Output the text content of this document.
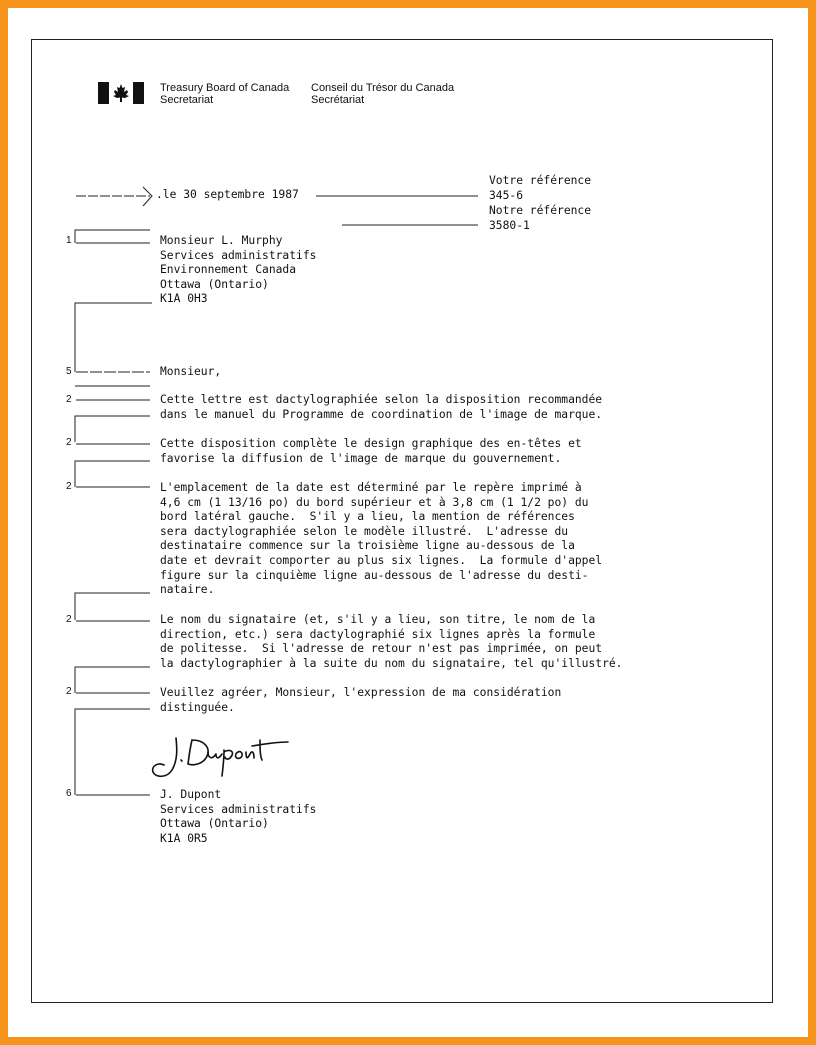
Treasury Board of Canada
Secretariat
Conseil du Trésor du Canada
Secrétariat
1
5
2
2
2
2
2
6
.le 30 septembre 1987
Votre référence
345-6
Notre référence
3580-1
Monsieur L. Murphy
Services administratifs
Environnement Canada
Ottawa (Ontario)
K1A 0H3
Monsieur,
Cette lettre est dactylographiée selon la disposition recommandée
dans le manuel du Programme de coordination de l'image de marque.
Cette disposition complète le design graphique des en-têtes et
favorise la diffusion de l'image de marque du gouvernement.
L'emplacement de la date est déterminé par le repère imprimé à
4,6 cm (1 13/16 po) du bord supérieur et à 3,8 cm (1 1/2 po) du
bord latéral gauche.  S'il y a lieu, la mention de références
sera dactylographiée selon le modèle illustré.  L'adresse du
destinataire commence sur la troisième ligne au-dessous de la
date et devrait comporter au plus six lignes.  La formule d'appel
figure sur la cinquième ligne au-dessous de l'adresse du desti-
nataire.
Le nom du signataire (et, s'il y a lieu, son titre, le nom de la
direction, etc.) sera dactylographié six lignes après la formule
de politesse.  Si l'adresse de retour n'est pas imprimée, on peut
la dactylographier à la suite du nom du signataire, tel qu'illustré.
Veuillez agréer, Monsieur, l'expression de ma considération
distinguée.
J. Dupont
Services administratifs
Ottawa (Ontario)
K1A 0R5
